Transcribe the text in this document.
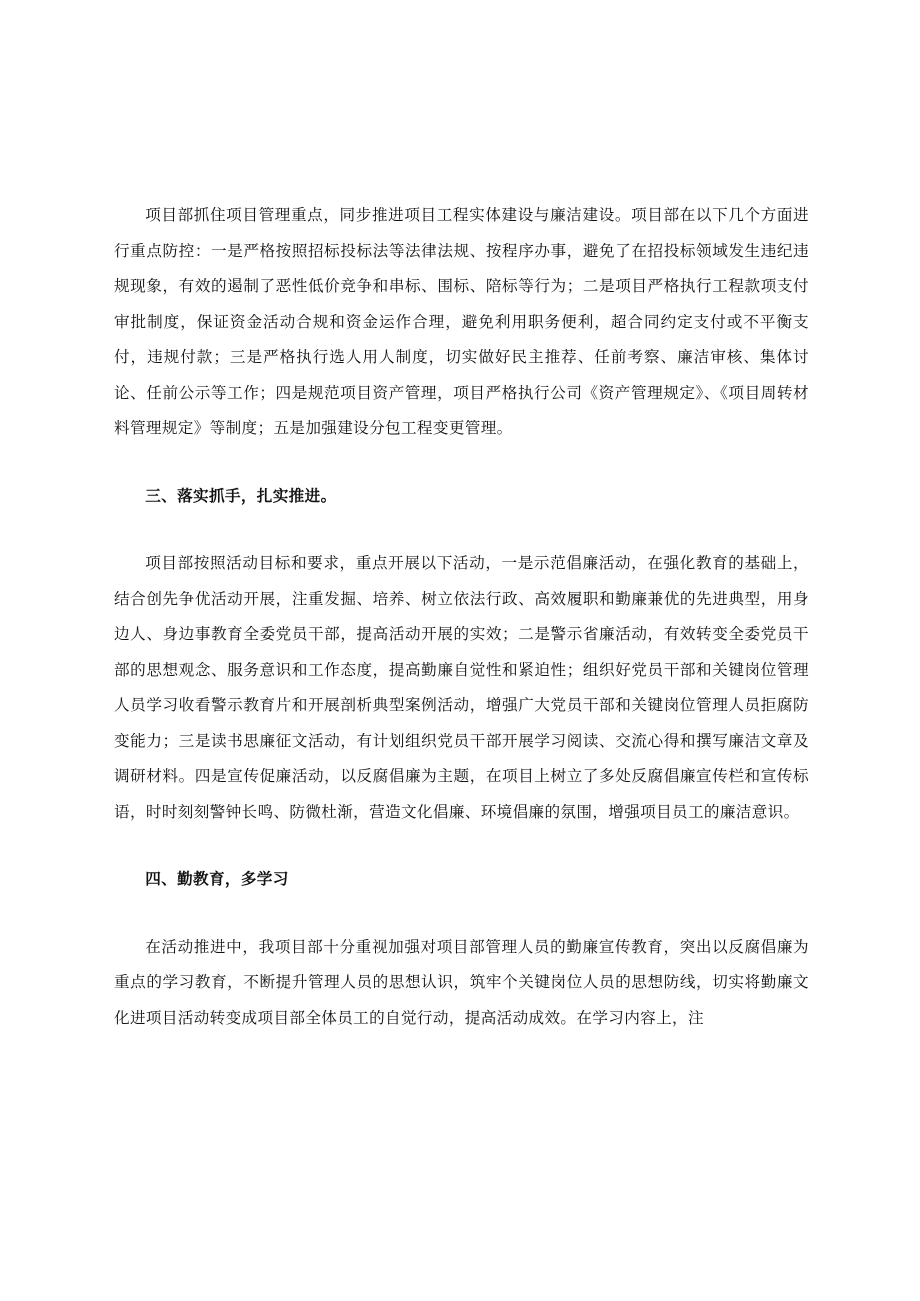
项目部抓住项目管理重点，同步推进项目工程实体建设与廉洁建设。项目部在以下几个方面进行重点防控：一是严格按照招标投标法等法律法规、按程序办事，避免了在招投标领域发生违纪违规现象，有效的遏制了恶性低价竞争和串标、围标、陪标等行为；二是项目严格执行工程款项支付审批制度，保证资金活动合规和资金运作合理，避免利用职务便利，超合同约定支付或不平衡支付，违规付款；三是严格执行选人用人制度，切实做好民主推荐、任前考察、廉洁审核、集体讨论、任前公示等工作；四是规范项目资产管理，项目严格执行公司《资产管理规定》、《项目周转材料管理规定》等制度；五是加强建设分包工程变更管理。

三、落实抓手，扎实推进。

项目部按照活动目标和要求，重点开展以下活动，一是示范倡廉活动，在强化教育的基础上，结合创先争优活动开展，注重发掘、培养、树立依法行政、高效履职和勤廉兼优的先进典型，用身边人、身边事教育全委党员干部，提高活动开展的实效；二是警示省廉活动，有效转变全委党员干部的思想观念、服务意识和工作态度，提高勤廉自觉性和紧迫性；组织好党员干部和关键岗位管理人员学习收看警示教育片和开展剖析典型案例活动，增强广大党员干部和关键岗位管理人员拒腐防变能力；三是读书思廉征文活动，有计划组织党员干部开展学习阅读、交流心得和撰写廉洁文章及调研材料。四是宣传促廉活动，以反腐倡廉为主题，在项目上树立了多处反腐倡廉宣传栏和宣传标语，时时刻刻警钟长鸣、防微杜渐，营造文化倡廉、环境倡廉的氛围，增强项目员工的廉洁意识。

四、勤教育，多学习

在活动推进中，我项目部十分重视加强对项目部管理人员的勤廉宣传教育，突出以反腐倡廉为重点的学习教育，不断提升管理人员的思想认识，筑牢个关键岗位人员的思想防线，切实将勤廉文化进项目活动转变成项目部全体员工的自觉行动，提高活动成效。在学习内容上，注
